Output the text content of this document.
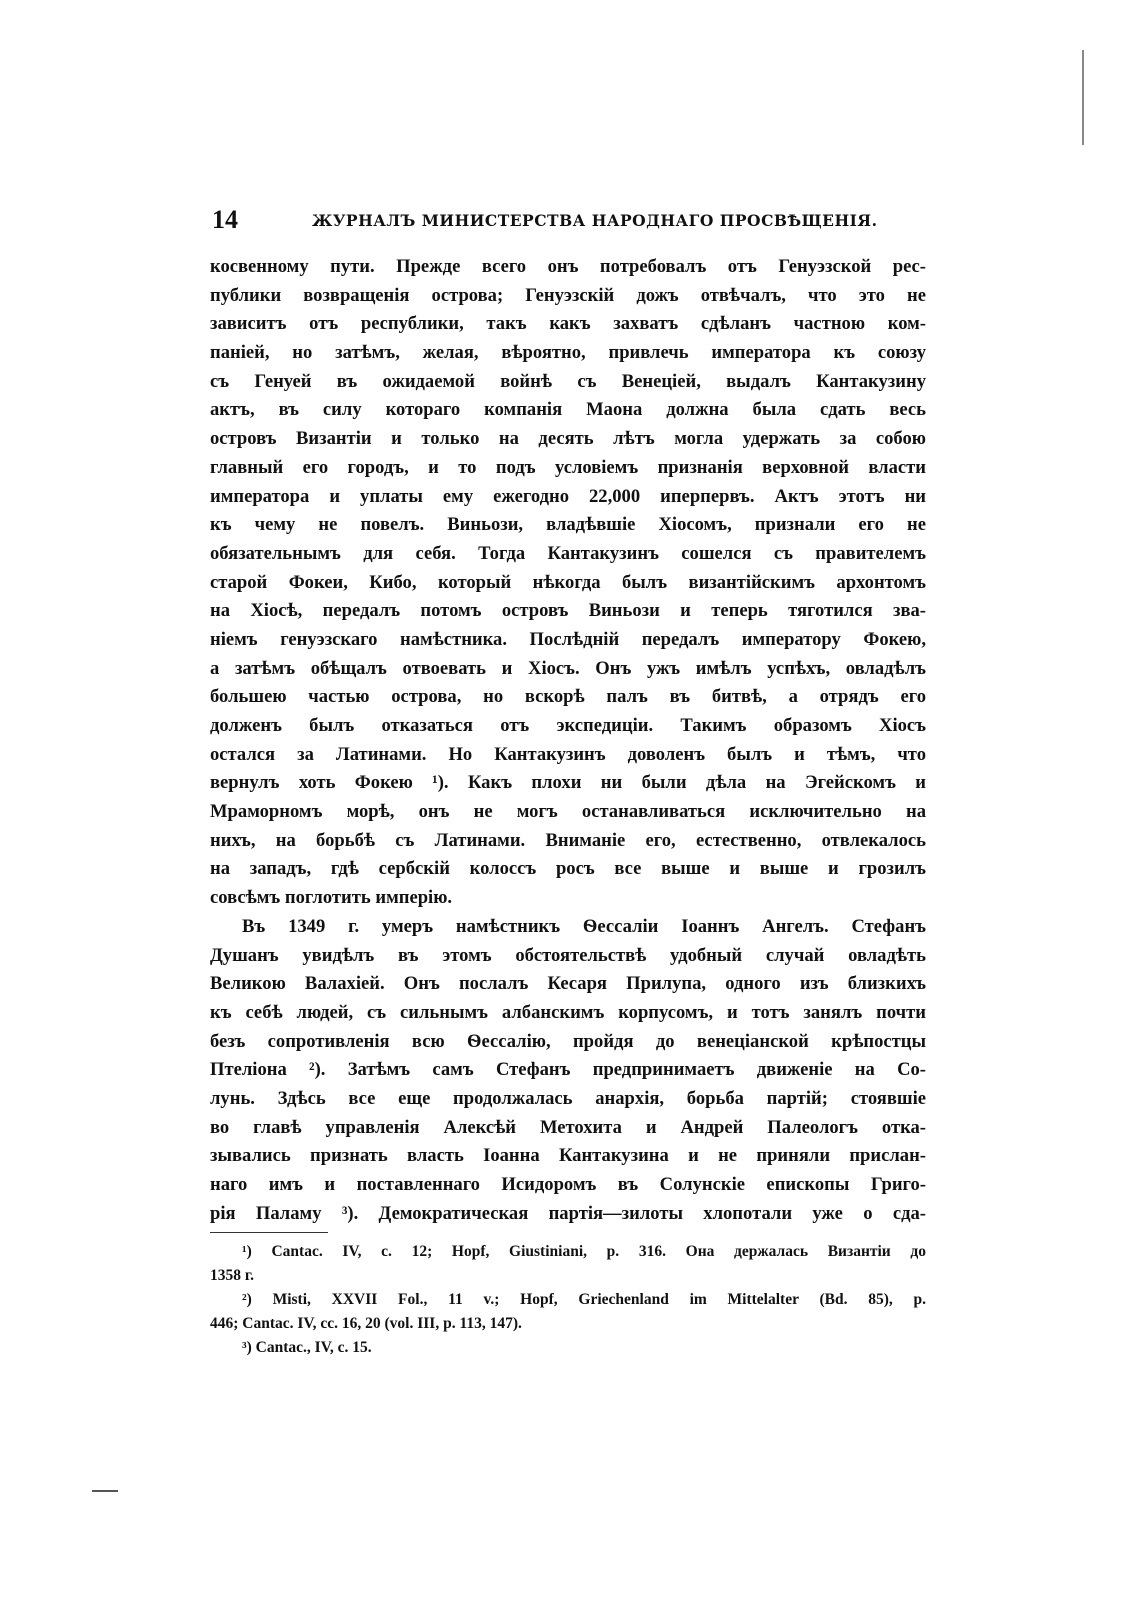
14	ЖУРНАЛЪ МИНИСТЕРСТВА НАРОДНАГО ПРОСВѢЩЕНІЯ.
косвенному пути. Прежде всего онъ потребовалъ отъ Генуэзской рес-
публики возвращенія острова; Генуэзскій дожъ отвѣчалъ, что это не
зависитъ отъ республики, такъ какъ захватъ сдѣланъ частною ком-
паніей, но затѣмъ, желая, вѣроятно, привлечь императора къ союзу
съ Генуей въ ожидаемой войнѣ съ Венеціей, выдалъ Кантакузину
актъ, въ силу котораго компанія Маона должна была сдать весь
островъ Византіи и только на десять лѣтъ могла удержать за собою
главный его городъ, и то подъ условіемъ признанія верховной власти
императора и уплаты ему ежегодно 22,000 иперпервъ. Актъ этотъ ни
къ чему не повелъ. Виньози, владѣвшіе Хіосомъ, признали его не
обязательнымъ для себя. Тогда Кантакузинъ сошелся съ правителемъ
старой Фокеи, Кибо, который нѣкогда былъ византійскимъ архонтомъ
на Хіосѣ, передалъ потомъ островъ Виньози и теперь тяготился зва-
ніемъ генуэзскаго намѣстника. Послѣдній передалъ императору Фокею,
а затѣмъ обѣщалъ отвоевать и Хіосъ. Онъ ужъ имѣлъ успѣхъ, овладѣлъ
большею частью острова, но вскорѣ палъ въ битвѣ, а отрядъ его
долженъ былъ отказаться отъ экспедиціи. Такимъ образомъ Хіосъ
остался за Латинами. Но Кантакузинъ доволенъ былъ и тѣмъ, что
вернулъ хоть Фокею ¹). Какъ плохи ни были дѣла на Эгейскомъ и
Мраморномъ морѣ, онъ не могъ останавливаться исключительно на
нихъ, на борьбѣ съ Латинами. Вниманіе его, естественно, отвлекалось
на западъ, гдѣ сербскій колоссъ росъ все выше и выше и грозилъ
совсѣмъ поглотить имперію.
Въ 1349 г. умеръ намѣстникъ Ѳессаліи Іоаннъ Ангелъ. Стефанъ
Душанъ увидѣлъ въ этомъ обстоятельствѣ удобный случай овладѣть
Великою Валахіей. Онъ послалъ Кесаря Прилупа, одного изъ близкихъ
къ себѣ людей, съ сильнымъ албанскимъ корпусомъ, и тотъ занялъ почти
безъ сопротивленія всю Ѳессалію, пройдя до венеціанской крѣпостцы
Птеліона ²). Затѣмъ самъ Стефанъ предпринимаетъ движеніе на Со-
лунь. Здѣсь все еще продолжалась анархія, борьба партій; стоявшіе
во главѣ управленія Алексѣй Метохита и Андрей Палеологъ отка-
зывались признать власть Іоанна Кантакузина и не приняли прислан-
наго имъ и поставленнаго Исидоромъ въ Солунскіе епископы Григо-
рія Паламу ³). Демократическая партія—зилоты хлопотали уже о сда-
¹) Cantac. IV, c. 12; Hopf, Giustiniani, p. 316. Она держалась Византіи до
1358 г.
²) Misti, XXVII Fol., 11 v.; Hopf, Griechenland im Mittelalter (Bd. 85), p.
446; Cantac. IV, cc. 16, 20 (vol. III, p. 113, 147).
³) Cantac., IV, c. 15.
